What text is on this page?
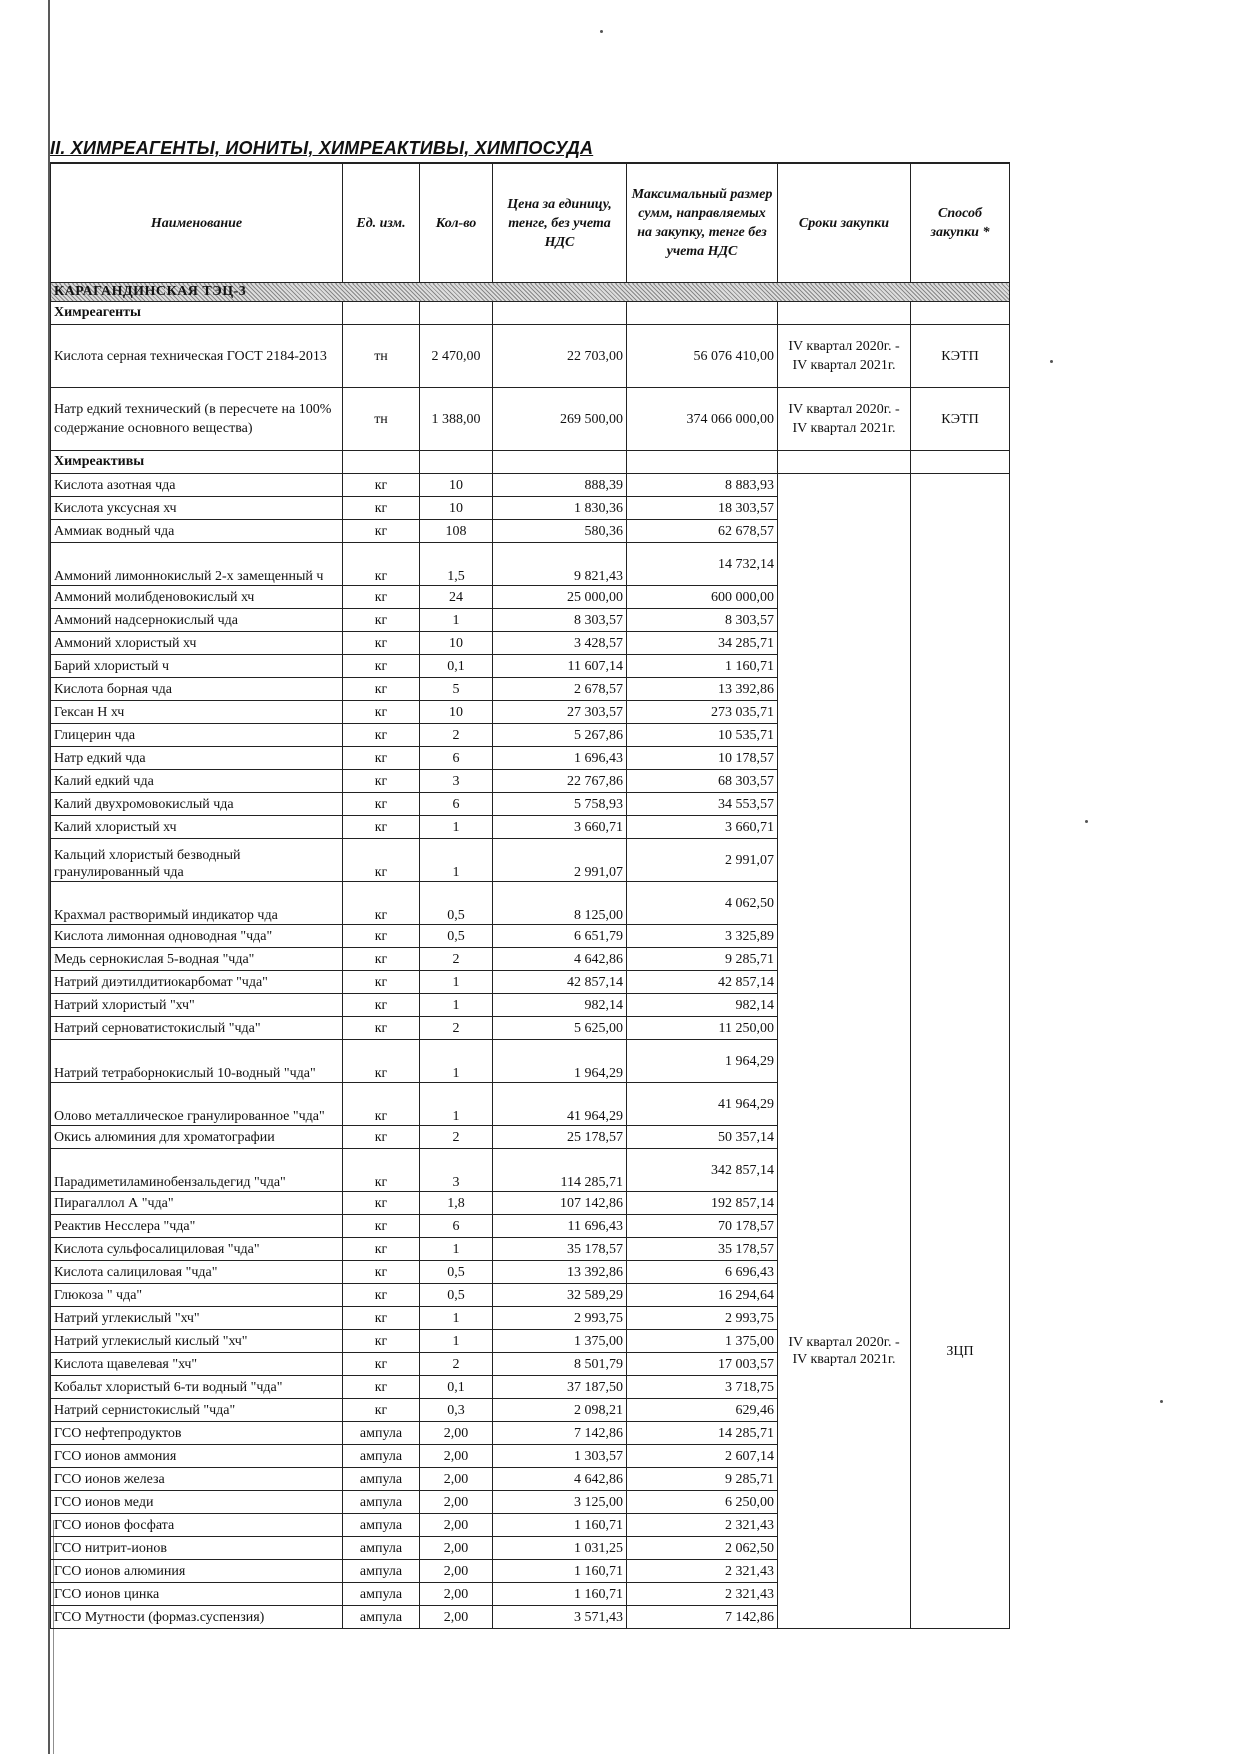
II. ХИМРЕАГЕНТЫ, ИОНИТЫ, ХИМРЕАКТИВЫ, ХИМПОСУДА
Наименование	Ед. изм.	Кол-во	Цена за единицу, тенге, без учета НДС	Максимальный размер сумм, направляемых на закупку, тенге без учета НДС	Сроки закупки	Способ закупки *
КАРАГАНДИНСКАЯ ТЭЦ-3						
Химреагенты						
Кислота серная техническая ГОСТ 2184-2013	тн	2 470,00	22 703,00	56 076 410,00	IV квартал 2020г. - IV квартал 2021г.	КЭТП
Натр едкий технический (в пересчете на 100% содержание основного вещества)	тн	1 388,00	269 500,00	374 066 000,00	IV квартал 2020г. - IV квартал 2021г.	КЭТП
Химреактивы						
Кислота азотная чда	кг	10	888,39	8 883,93	IV квартал 2020г. - IV квартал 2021г.	ЗЦП
Кислота уксусная хч	кг	10	1 830,36	18 303,57		
Аммиак водный чда	кг	108	580,36	62 678,57		
Аммоний лимоннокислый 2-х замещенный ч	кг	1,5	9 821,43	14 732,14		
Аммоний молибденовокислый хч	кг	24	25 000,00	600 000,00		
Аммоний надсернокислый чда	кг	1	8 303,57	8 303,57		
Аммоний хлористый хч	кг	10	3 428,57	34 285,71		
Барий хлористый ч	кг	0,1	11 607,14	1 160,71		
Кислота борная чда	кг	5	2 678,57	13 392,86		
Гексан Н хч	кг	10	27 303,57	273 035,71		
Глицерин чда	кг	2	5 267,86	10 535,71		
Натр едкий чда	кг	6	1 696,43	10 178,57		
Калий едкий чда	кг	3	22 767,86	68 303,57		
Калий двухромовокислый чда	кг	6	5 758,93	34 553,57		
Калий хлористый хч	кг	1	3 660,71	3 660,71		
Кальций хлористый безводный гранулированный чда	кг	1	2 991,07	2 991,07		
Крахмал растворимый индикатор чда	кг	0,5	8 125,00	4 062,50		
Кислота лимонная одноводная "чда"	кг	0,5	6 651,79	3 325,89		
Медь сернокислая 5-водная "чда"	кг	2	4 642,86	9 285,71		
Натрий диэтилдитиокарбомат "чда"	кг	1	42 857,14	42 857,14		
Натрий хлористый "хч"	кг	1	982,14	982,14		
Натрий серноватистокислый "чда"	кг	2	5 625,00	11 250,00		
Натрий тетраборнокислый 10-водный "чда"	кг	1	1 964,29	1 964,29		
Олово металлическое гранулированное "чда"	кг	1	41 964,29	41 964,29		
Окись алюминия для хроматографии	кг	2	25 178,57	50 357,14		
Парадиметиламинобензальдегид "чда"	кг	3	114 285,71	342 857,14		
Пирагаллол А "чда"	кг	1,8	107 142,86	192 857,14		
Реактив Несслера "чда"	кг	6	11 696,43	70 178,57		
Кислота сульфосалициловая "чда"	кг	1	35 178,57	35 178,57		
Кислота салициловая "чда"	кг	0,5	13 392,86	6 696,43		
Глюкоза " чда"	кг	0,5	32 589,29	16 294,64		
Натрий углекислый "хч"	кг	1	2 993,75	2 993,75		
Натрий углекислый кислый "хч"	кг	1	1 375,00	1 375,00		
Кислота щавелевая "хч"	кг	2	8 501,79	17 003,57		
Кобальт хлористый 6-ти водный "чда"	кг	0,1	37 187,50	3 718,75		
Натрий сернистокислый "чда"	кг	0,3	2 098,21	629,46		
ГСО нефтепродуктов	ампула	2,00	7 142,86	14 285,71		
ГСО ионов аммония	ампула	2,00	1 303,57	2 607,14		
ГСО ионов железа	ампула	2,00	4 642,86	9 285,71		
ГСО ионов меди	ампула	2,00	3 125,00	6 250,00		
ГСО ионов фосфата	ампула	2,00	1 160,71	2 321,43		
ГСО нитрит-ионов	ампула	2,00	1 031,25	2 062,50		
ГСО ионов алюминия	ампула	2,00	1 160,71	2 321,43		
ГСО ионов цинка	ампула	2,00	1 160,71	2 321,43		
ГСО Мутности (формаз.суспензия)	ампула	2,00	3 571,43	7 142,86		
